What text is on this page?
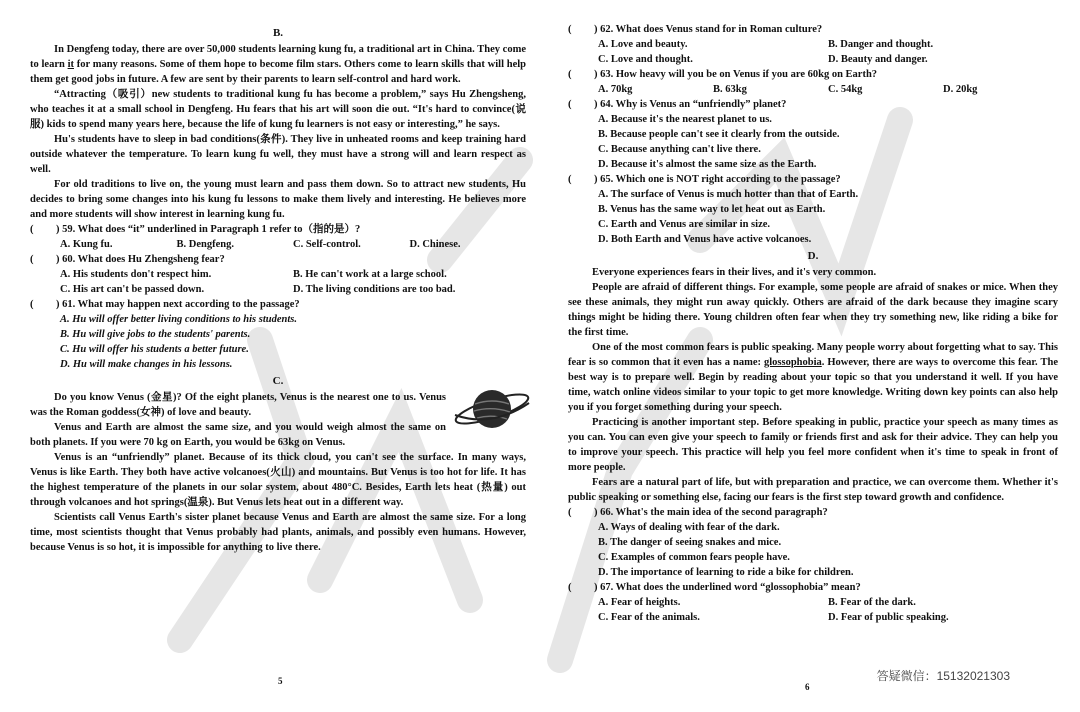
B.

In Dengfeng today, there are over 50,000 students learning kung fu, a traditional art in China. They come to learn it for many reasons. Some of them hope to become film stars. Others come to learn skills that will help them get good jobs in future. A few are sent by their parents to learn self-control and hard work.

“Attracting（吸引）new students to traditional kung fu has become a problem,” says Hu Zhengsheng, who teaches it at a small school in Dengfeng. Hu fears that his art will soon die out. “It's hard to convince(说服) kids to spend many years here, because the life of kung fu learners is not easy or interesting,” he says.

Hu's students have to sleep in bad conditions(条件). They live in unheated rooms and keep training hard outside whatever the temperature. To learn kung fu well, they must have a strong will and learn respect as well.

For old traditions to live on, the young must learn and pass them down. So to attract new students, Hu decides to bring some changes into his kung fu lessons to make them lively and interesting. He believes more and more students will show interest in learning kung fu.

( ) 59. What does “it” underlined in Paragraph 1 refer to（指的是）?
A. Kung fu.	B. Dengfeng.	C. Self-control.	D. Chinese.
( ) 60. What does Hu Zhengsheng fear?
A. His students don't respect him.	B. He can't work at a large school.
C. His art can't be passed down.	D. The living conditions are too bad.
( ) 61. What may happen next according to the passage?
A. Hu will offer better living conditions to his students.
B. Hu will give jobs to the students' parents.
C. Hu will offer his students a better future.
D. Hu will make changes in his lessons.
C.

Do you know Venus (金星)? Of the eight planets, Venus is the nearest one to us. Venus was the Roman goddess(女神) of love and beauty.

Venus and Earth are almost the same size, and you would weigh almost the same on both planets. If you were 70 kg on Earth, you would be 63kg on Venus.

Venus is an “unfriendly” planet. Because of its thick cloud, you can't see the surface. In many ways, Venus is like Earth. They both have active volcanoes(火山) and mountains. But Venus is too hot for life. It has the highest temperature of the planets in our solar system, about 480°C. Besides, Earth lets heat (热量) out through volcanoes and hot springs(温泉). But Venus lets heat out in a different way.

Scientists call Venus Earth's sister planet because Venus and Earth are almost the same size. For a long time, most scientists thought that Venus probably had plants, animals, and possibly even humans. However, because Venus is so hot, it is impossible for anything to live there.

5
( ) 62. What does Venus stand for in Roman culture?
A. Love and beauty.	B. Danger and thought.
C. Love and thought.	D. Beauty and danger.
( ) 63. How heavy will you be on Venus if you are 60kg on Earth?
A. 70kg	B. 63kg	C. 54kg	D. 20kg
( ) 64. Why is Venus an “unfriendly” planet?
A. Because it's the nearest planet to us.
B. Because people can't see it clearly from the outside.
C. Because anything can't live there.
D. Because it's almost the same size as the Earth.
( ) 65. Which one is NOT right according to the passage?
A. The surface of Venus is much hotter than that of Earth.
B. Venus has the same way to let heat out as Earth.
C. Earth and Venus are similar in size.
D. Both Earth and Venus have active volcanoes.
D.

Everyone experiences fears in their lives, and it's very common.

People are afraid of different things. For example, some people are afraid of snakes or mice. When they see these animals, they might run away quickly. Others are afraid of the dark because they imagine scary things might be hiding there. Young children often fear when they try something new, like riding a bike for the first time.

One of the most common fears is public speaking. Many people worry about forgetting what to say. This fear is so common that it even has a name: glossophobia. However, there are ways to overcome this fear. The best way is to prepare well. Begin by reading about your topic so that you understand it well. If you have time, watch online videos similar to your topic to get more knowledge. Writing down key points can also help you if you forget something during your speech.

Practicing is another important step. Before speaking in public, practice your speech as many times as you can. You can even give your speech to family or friends first and ask for their advice. They can help you to improve your speech. This practice will help you feel more confident when it's time to speak in front of more people.

Fears are a natural part of life, but with preparation and practice, we can overcome them. Whether it's public speaking or something else, facing our fears is the first step toward growth and confidence.

( ) 66. What's the main idea of the second paragraph?
A. Ways of dealing with fear of the dark.
B. The danger of seeing snakes and mice.
C. Examples of common fears people have.
D. The importance of learning to ride a bike for children.
( ) 67. What does the underlined word “glossophobia” mean?
A. Fear of heights.	B. Fear of the dark.
C. Fear of the animals.	D. Fear of public speaking.
6
答疑微信：15132021303
